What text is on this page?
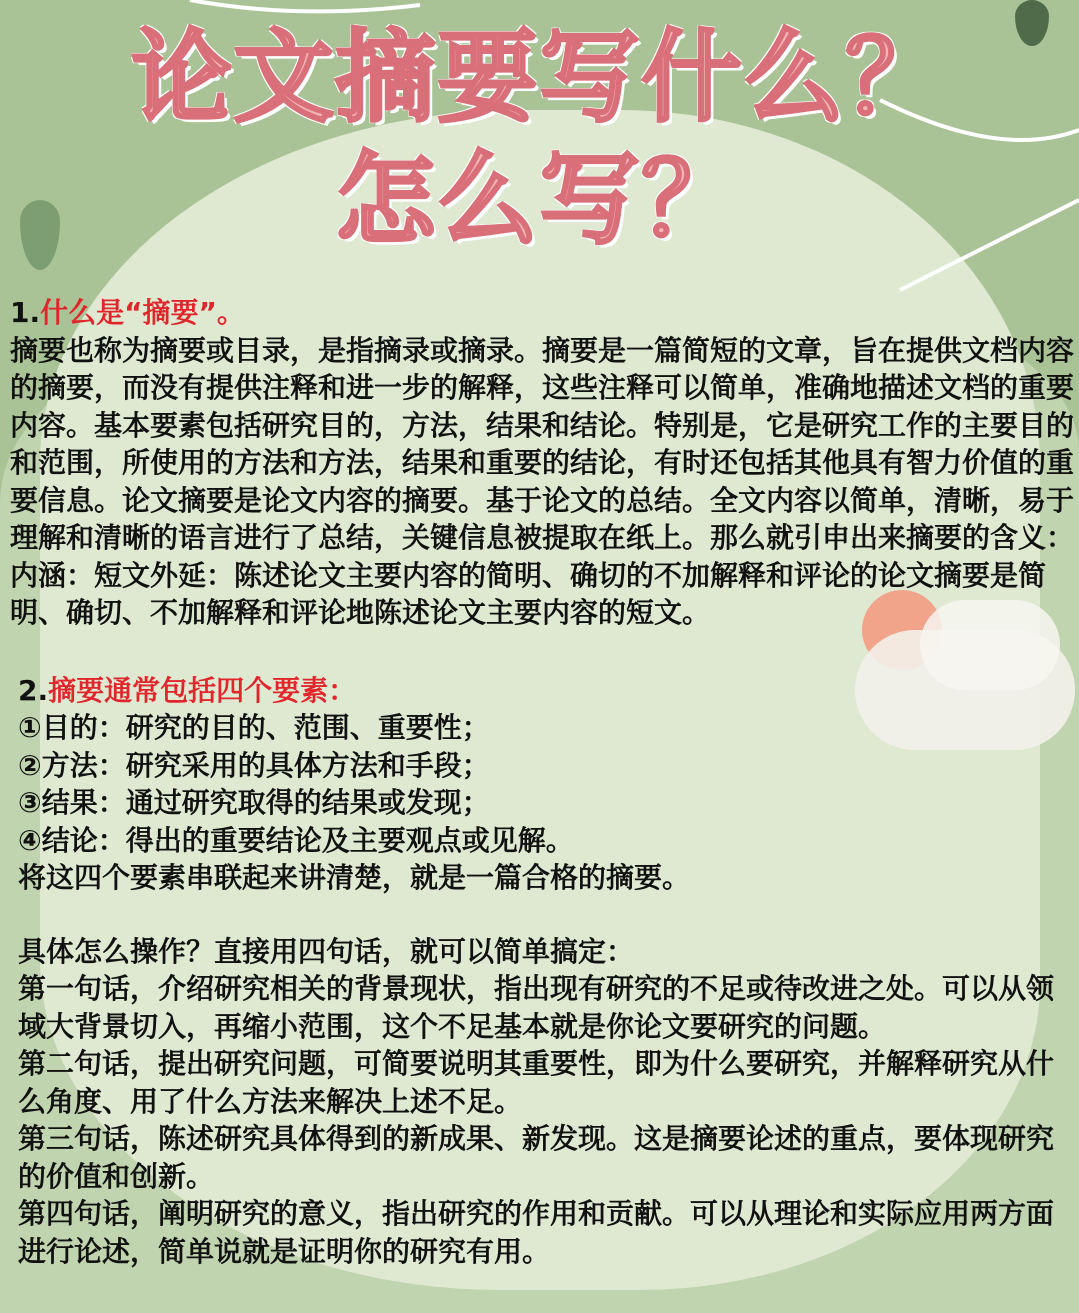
论文摘要写什么？
怎么写？

1.什么是“摘要”。

摘要也称为摘要或目录，是指摘录或摘录。摘要是一篇简短的文章，旨在提供文档内容的摘要，而没有提供注释和进一步的解释，这些注释可以简单，准确地描述文档的重要内容。基本要素包括研究目的，方法，结果和结论。特别是，它是研究工作的主要目的和范围，所使用的方法和方法，结果和重要的结论，有时还包括其他具有智力价值的重要信息。论文摘要是论文内容的摘要。基于论文的总结。全文内容以简单，清晰，易于理解和清晰的语言进行了总结，关键信息被提取在纸上。那么就引申出来摘要的含义：内涵：短文外延：陈述论文主要内容的简明、确切的不加解释和评论的论文摘要是简明、确切、不加解释和评论地陈述论文主要内容的短文。

2.摘要通常包括四个要素：

①目的：研究的目的、范围、重要性；

②方法：研究采用的具体方法和手段；

③结果：通过研究取得的结果或发现；

④结论：得出的重要结论及主要观点或见解。

将这四个要素串联起来讲清楚，就是一篇合格的摘要。

具体怎么操作？直接用四句话，就可以简单搞定：

第一句话，介绍研究相关的背景现状，指出现有研究的不足或待改进之处。可以从领域大背景切入，再缩小范围，这个不足基本就是你论文要研究的问题。

第二句话，提出研究问题，可简要说明其重要性，即为什么要研究，并解释研究从什么角度、用了什么方法来解决上述不足。

第三句话，陈述研究具体得到的新成果、新发现。这是摘要论述的重点，要体现研究的价值和创新。

第四句话，阐明研究的意义，指出研究的作用和贡献。可以从理论和实际应用两方面进行论述，简单说就是证明你的研究有用。
